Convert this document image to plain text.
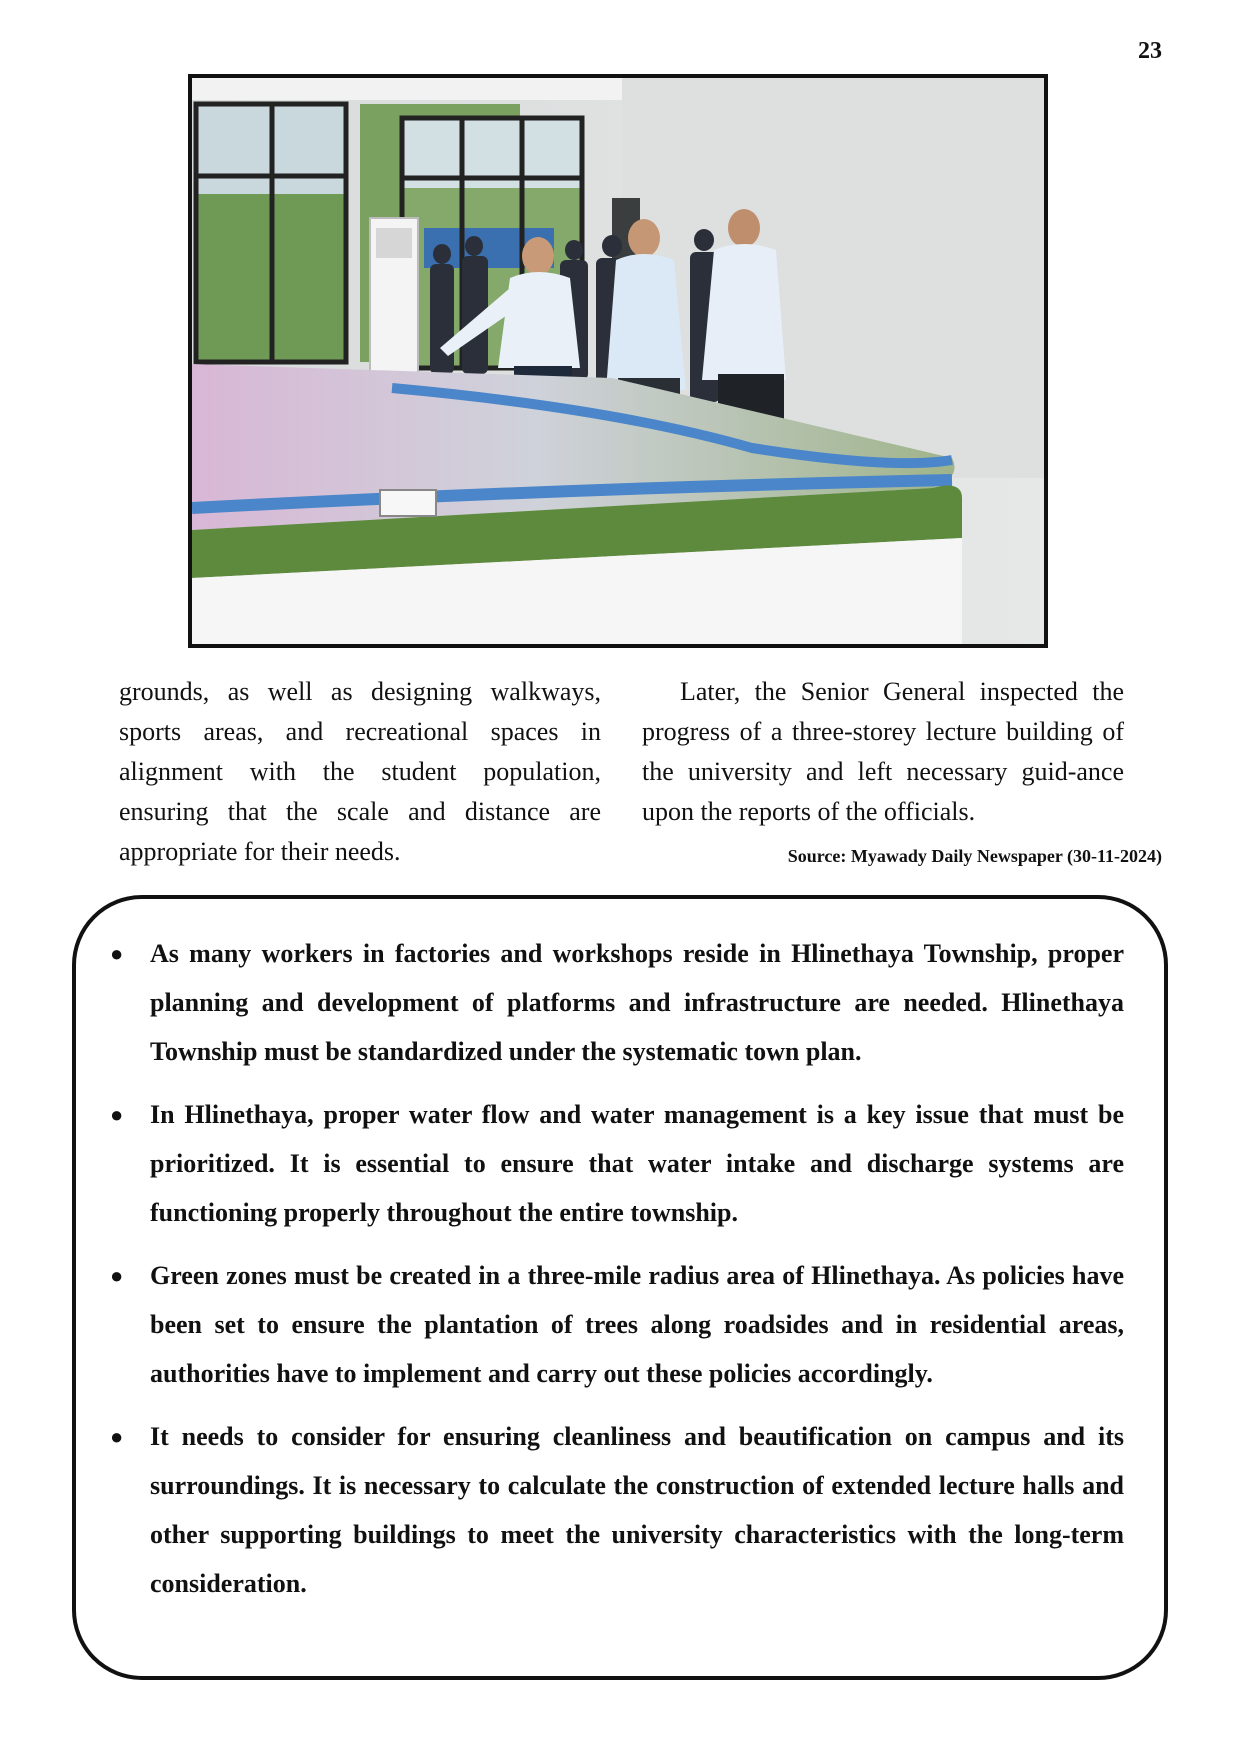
23
grounds, as well as designing walkways, sports areas, and recreational spaces in alignment with the student population, ensuring that the scale and distance are appropriate for their needs.
Later, the Senior General inspected the progress of a three-storey lecture building of the university and left necessary guid-ance upon the reports of the officials.
Source: Myawady Daily Newspaper (30-11-2024)
● As many workers in factories and workshops reside in Hlinethaya Township, proper planning and development of platforms and infrastructure are needed. Hlinethaya Township must be standardized under the systematic town plan.
● In Hlinethaya, proper water flow and water management is a key issue that must be prioritized. It is essential to ensure that water intake and discharge systems are functioning properly throughout the entire township.
● Green zones must be created in a three-mile radius area of Hlinethaya. As policies have been set to ensure the plantation of trees along roadsides and in residential areas, authorities have to implement and carry out these policies accordingly.
● It needs to consider for ensuring cleanliness and beautification on campus and its surroundings. It is necessary to calculate the construction of extended lecture halls and other supporting buildings to meet the university characteristics with the long-term consideration.
